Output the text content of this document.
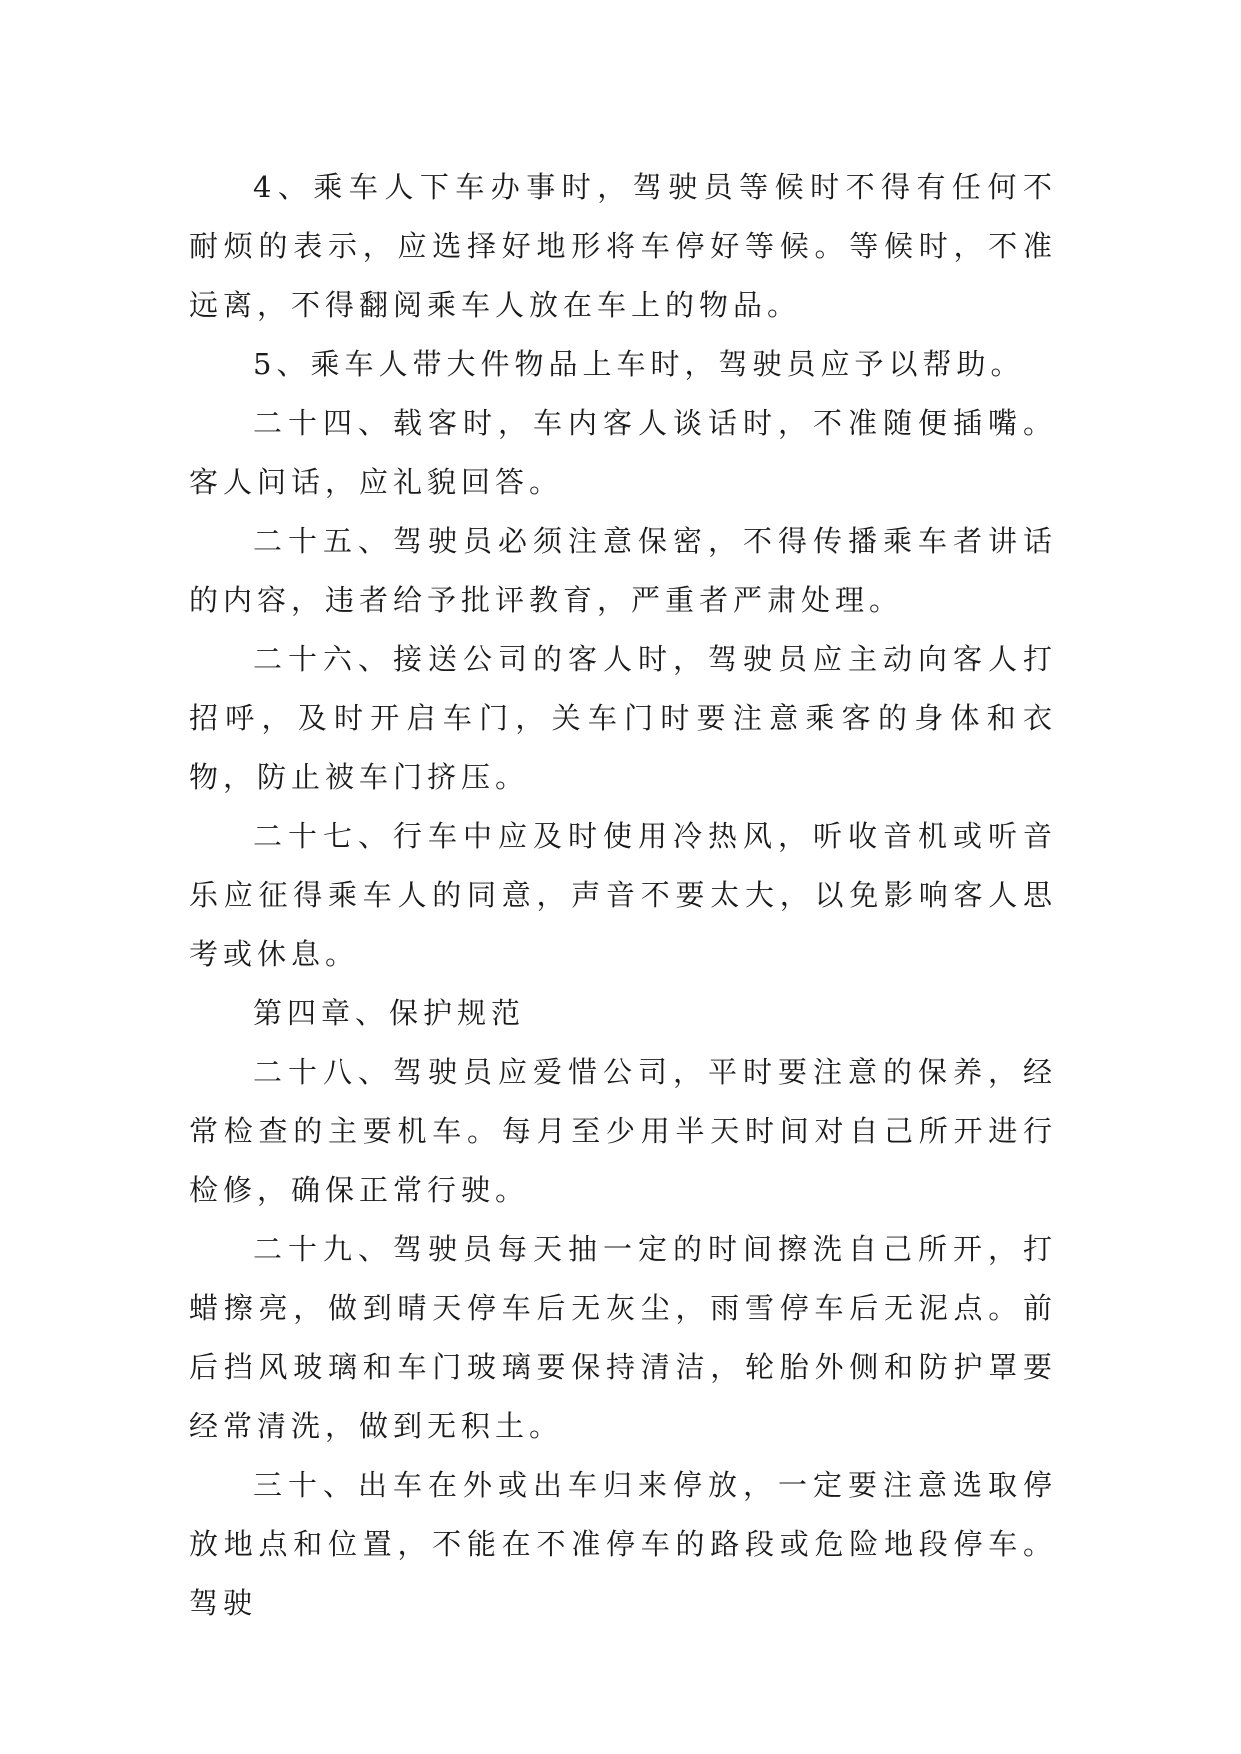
4、乘车人下车办事时，驾驶员等候时不得有任何不耐烦的表示，应选择好地形将车停好等候。等候时，不准远离，不得翻阅乘车人放在车上的物品。

5、乘车人带大件物品上车时，驾驶员应予以帮助。

二十四、载客时，车内客人谈话时，不准随便插嘴。客人问话，应礼貌回答。

二十五、驾驶员必须注意保密，不得传播乘车者讲话的内容，违者给予批评教育，严重者严肃处理。

二十六、接送公司的客人时，驾驶员应主动向客人打招呼，及时开启车门，关车门时要注意乘客的身体和衣物，防止被车门挤压。

二十七、行车中应及时使用冷热风，听收音机或听音乐应征得乘车人的同意，声音不要太大，以免影响客人思考或休息。

第四章、保护规范

二十八、驾驶员应爱惜公司，平时要注意的保养，经常检查的主要机车。每月至少用半天时间对自己所开进行检修，确保正常行驶。

二十九、驾驶员每天抽一定的时间擦洗自己所开，打蜡擦亮，做到晴天停车后无灰尘，雨雪停车后无泥点。前后挡风玻璃和车门玻璃要保持清洁，轮胎外侧和防护罩要经常清洗，做到无积土。

三十、出车在外或出车归来停放，一定要注意选取停放地点和位置，不能在不准停车的路段或危险地段停车。驾驶
